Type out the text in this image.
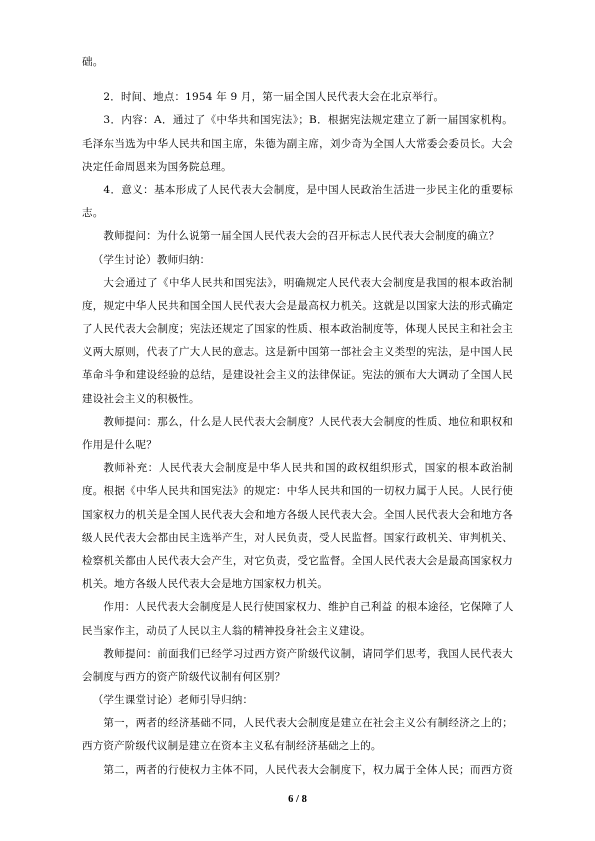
础。
2．时间、地点：1954 年 9 月，第一届全国人民代表大会在北京举行。
3．内容：A．通过了《中华共和国宪法》；B．根据宪法规定建立了新一届国家机构。
毛泽东当选为中华人民共和国主席，朱德为副主席，刘少奇为全国人大常委会委员长。大会
决定任命周恩来为国务院总理。
4．意义：基本形成了人民代表大会制度，是中国人民政治生活进一步民主化的重要标
志。
教师提问：为什么说第一届全国人民代表大会的召开标志人民代表大会制度的确立？
（学生讨论）教师归纳：
大会通过了《中华人民共和国宪法》，明确规定人民代表大会制度是我国的根本政治制
度，规定中华人民共和国全国人民代表大会是最高权力机关。这就是以国家大法的形式确定
了人民代表大会制度；宪法还规定了国家的性质、根本政治制度等，体现人民民主和社会主
义两大原则，代表了广大人民的意志。这是新中国第一部社会主义类型的宪法，是中国人民
革命斗争和建设经验的总结，是建设社会主义的法律保证。宪法的颁布大大调动了全国人民
建设社会主义的积极性。
教师提问：那么，什么是人民代表大会制度？人民代表大会制度的性质、地位和职权和
作用是什么呢？
教师补充：人民代表大会制度是中华人民共和国的政权组织形式，国家的根本政治制
度。根据《中华人民共和国宪法》的规定：中华人民共和国的一切权力属于人民。人民行使
国家权力的机关是全国人民代表大会和地方各级人民代表大会。全国人民代表大会和地方各
级人民代表大会都由民主选举产生，对人民负责，受人民监督。国家行政机关、审判机关、
检察机关都由人民代表大会产生，对它负责，受它监督。全国人民代表大会是最高国家权力
机关。地方各级人民代表大会是地方国家权力机关。
作用：人民代表大会制度是人民行使国家权力、维护自己利益 的根本途径，它保障了人
民当家作主，动员了人民以主人翁的精神投身社会主义建设。
教师提问：前面我们已经学习过西方资产阶级代议制，请同学们思考，我国人民代表大
会制度与西方的资产阶级代议制有何区别？
（学生课堂讨论）老师引导归纳：
第一，两者的经济基础不同，人民代表大会制度是建立在社会主义公有制经济之上的；
西方资产阶级代议制是建立在资本主义私有制经济基础之上的。
第二，两者的行使权力主体不同，人民代表大会制度下，权力属于全体人民；而西方资
6 / 8
